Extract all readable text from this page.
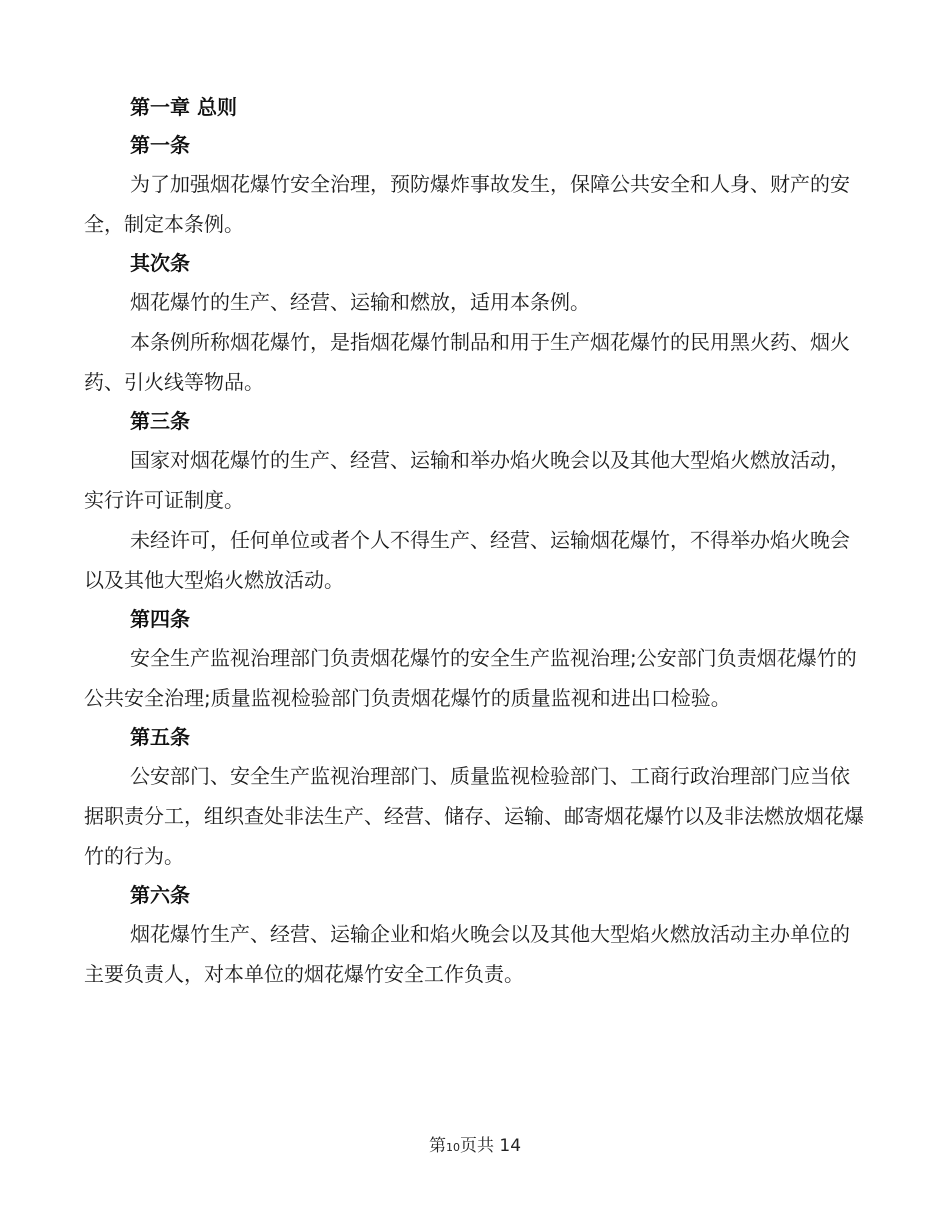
第一章 总则
第一条

为了加强烟花爆竹安全治理，预防爆炸事故发生，保障公共安全和人身、财产的安全，制定本条例。

其次条

烟花爆竹的生产、经营、运输和燃放，适用本条例。

本条例所称烟花爆竹，是指烟花爆竹制品和用于生产烟花爆竹的民用黑火药、烟火药、引火线等物品。

第三条

国家对烟花爆竹的生产、经营、运输和举办焰火晚会以及其他大型焰火燃放活动，实行许可证制度。

未经许可，任何单位或者个人不得生产、经营、运输烟花爆竹，不得举办焰火晚会以及其他大型焰火燃放活动。

第四条

安全生产监视治理部门负责烟花爆竹的安全生产监视治理;公安部门负责烟花爆竹的公共安全治理;质量监视检验部门负责烟花爆竹的质量监视和进出口检验。

第五条

公安部门、安全生产监视治理部门、质量监视检验部门、工商行政治理部门应当依据职责分工，组织查处非法生产、经营、储存、运输、邮寄烟花爆竹以及非法燃放烟花爆竹的行为。

第六条

烟花爆竹生产、经营、运输企业和焰火晚会以及其他大型焰火燃放活动主办单位的主要负责人，对本单位的烟花爆竹安全工作负责。

第10页共 14
